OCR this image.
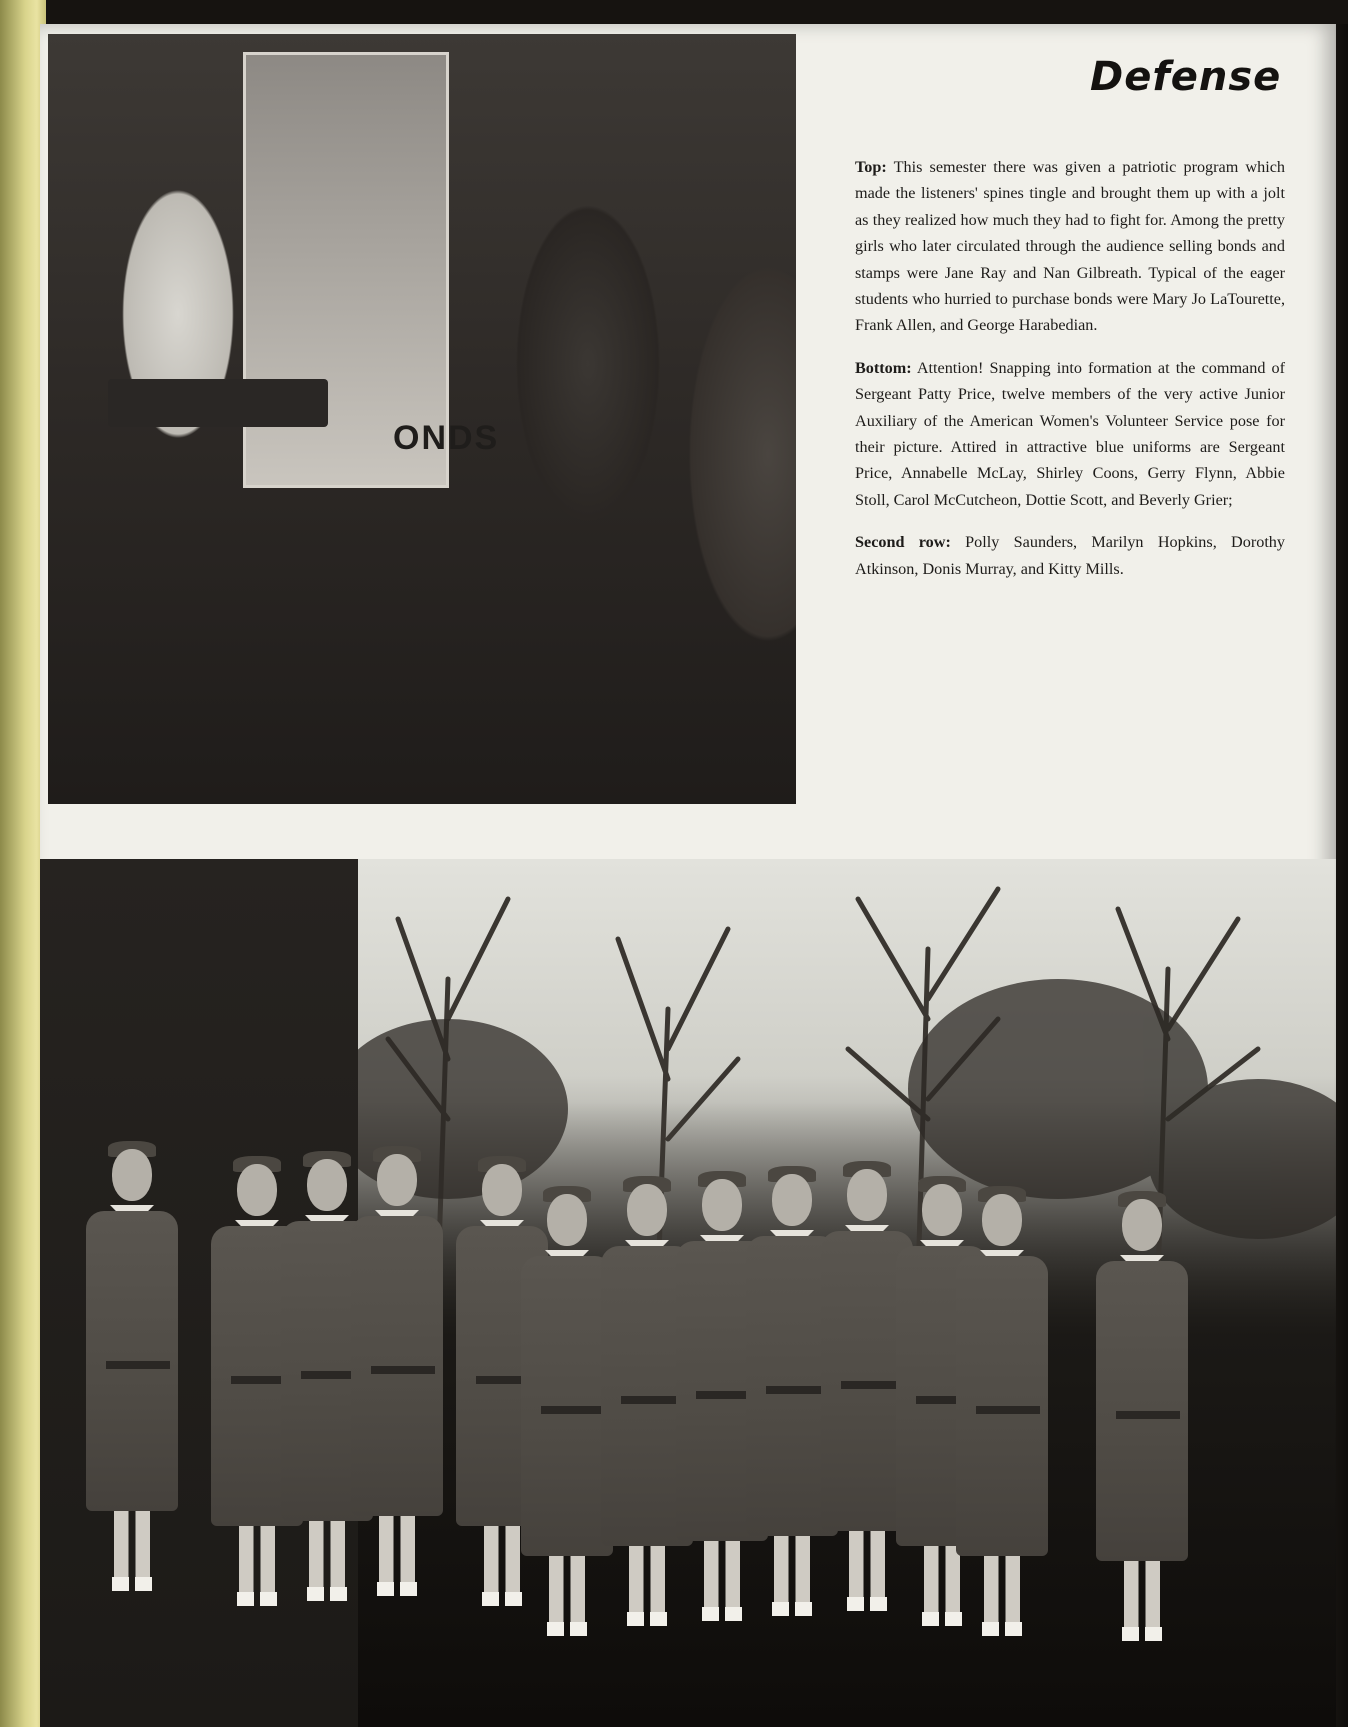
ONDS
Defense

Top: This semester there was given a patriotic program which made the listeners' spines tingle and brought them up with a jolt as they realized how much they had to fight for. Among the pretty girls who later circulated through the audience selling bonds and stamps were Jane Ray and Nan Gilbreath. Typical of the eager students who hurried to purchase bonds were Mary Jo LaTourette, Frank Allen, and George Harabedian.

Bottom: Attention! Snapping into formation at the command of Sergeant Patty Price, twelve members of the very active Junior Auxiliary of the American Women's Volunteer Service pose for their picture. Attired in attractive blue uniforms are Sergeant Price, Annabelle McLay, Shirley Coons, Gerry Flynn, Abbie Stoll, Carol McCutcheon, Dottie Scott, and Beverly Grier;

Second row: Polly Saunders, Marilyn Hopkins, Dorothy Atkinson, Donis Murray, and Kitty Mills.
